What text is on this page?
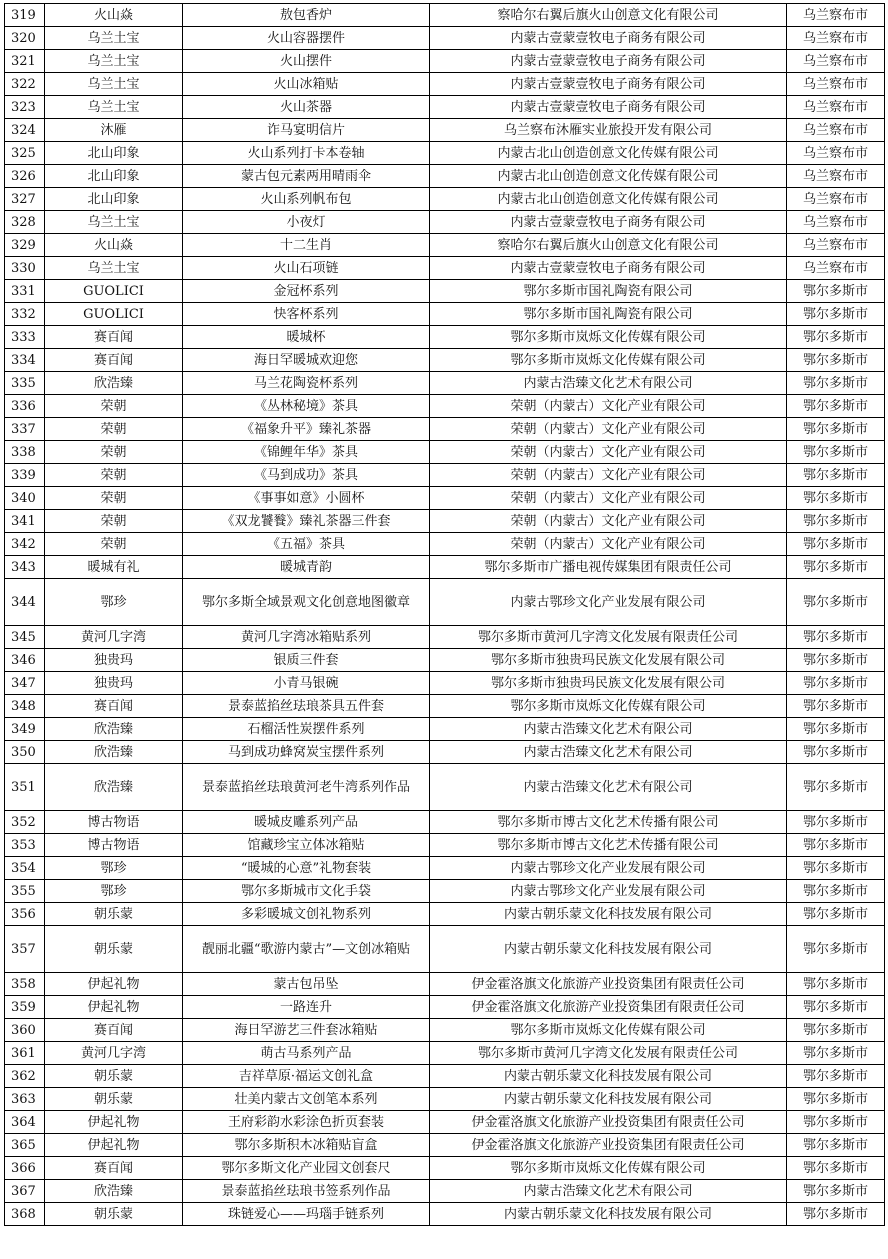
319	火山焱	敖包香炉	察哈尔右翼后旗火山创意文化有限公司	乌兰察布市
320	乌兰土宝	火山容器摆件	内蒙古壹蒙壹牧电子商务有限公司	乌兰察布市
321	乌兰土宝	火山摆件	内蒙古壹蒙壹牧电子商务有限公司	乌兰察布市
322	乌兰土宝	火山冰箱贴	内蒙古壹蒙壹牧电子商务有限公司	乌兰察布市
323	乌兰土宝	火山茶器	内蒙古壹蒙壹牧电子商务有限公司	乌兰察布市
324	沐雁	诈马宴明信片	乌兰察布沐雁实业旅投开发有限公司	乌兰察布市
325	北山印象	火山系列打卡本卷轴	内蒙古北山创造创意文化传媒有限公司	乌兰察布市
326	北山印象	蒙古包元素两用晴雨伞	内蒙古北山创造创意文化传媒有限公司	乌兰察布市
327	北山印象	火山系列帆布包	内蒙古北山创造创意文化传媒有限公司	乌兰察布市
328	乌兰土宝	小夜灯	内蒙古壹蒙壹牧电子商务有限公司	乌兰察布市
329	火山焱	十二生肖	察哈尔右翼后旗火山创意文化有限公司	乌兰察布市
330	乌兰土宝	火山石项链	内蒙古壹蒙壹牧电子商务有限公司	乌兰察布市
331	GUOLICI	金冠杯系列	鄂尔多斯市国礼陶瓷有限公司	鄂尔多斯市
332	GUOLICI	快客杯系列	鄂尔多斯市国礼陶瓷有限公司	鄂尔多斯市
333	赛百闻	暖城杯	鄂尔多斯市岚烁文化传媒有限公司	鄂尔多斯市
334	赛百闻	海日罕暖城欢迎您	鄂尔多斯市岚烁文化传媒有限公司	鄂尔多斯市
335	欣浩臻	马兰花陶瓷杯系列	内蒙古浩臻文化艺术有限公司	鄂尔多斯市
336	荣朝	《丛林秘境》茶具	荣朝（内蒙古）文化产业有限公司	鄂尔多斯市
337	荣朝	《福象升平》臻礼茶器	荣朝（内蒙古）文化产业有限公司	鄂尔多斯市
338	荣朝	《锦鲤年华》茶具	荣朝（内蒙古）文化产业有限公司	鄂尔多斯市
339	荣朝	《马到成功》茶具	荣朝（内蒙古）文化产业有限公司	鄂尔多斯市
340	荣朝	《事事如意》小圆杯	荣朝（内蒙古）文化产业有限公司	鄂尔多斯市
341	荣朝	《双龙饕餮》臻礼茶器三件套	荣朝（内蒙古）文化产业有限公司	鄂尔多斯市
342	荣朝	《五福》茶具	荣朝（内蒙古）文化产业有限公司	鄂尔多斯市
343	暖城有礼	暖城青韵	鄂尔多斯市广播电视传媒集团有限责任公司	鄂尔多斯市
344	鄂珍	鄂尔多斯全域景观文化创意地图徽章	内蒙古鄂珍文化产业发展有限公司	鄂尔多斯市
345	黄河几字湾	黄河几字湾冰箱贴系列	鄂尔多斯市黄河几字湾文化发展有限责任公司	鄂尔多斯市
346	独贵玛	银质三件套	鄂尔多斯市独贵玛民族文化发展有限公司	鄂尔多斯市
347	独贵玛	小青马银碗	鄂尔多斯市独贵玛民族文化发展有限公司	鄂尔多斯市
348	赛百闻	景泰蓝掐丝珐琅茶具五件套	鄂尔多斯市岚烁文化传媒有限公司	鄂尔多斯市
349	欣浩臻	石榴活性炭摆件系列	内蒙古浩臻文化艺术有限公司	鄂尔多斯市
350	欣浩臻	马到成功蜂窝炭宝摆件系列	内蒙古浩臻文化艺术有限公司	鄂尔多斯市
351	欣浩臻	景泰蓝掐丝珐琅黄河老牛湾系列作品	内蒙古浩臻文化艺术有限公司	鄂尔多斯市
352	博古物语	暖城皮雕系列产品	鄂尔多斯市博古文化艺术传播有限公司	鄂尔多斯市
353	博古物语	馆藏珍宝立体冰箱贴	鄂尔多斯市博古文化艺术传播有限公司	鄂尔多斯市
354	鄂珍	“暖城的心意”礼物套装	内蒙古鄂珍文化产业发展有限公司	鄂尔多斯市
355	鄂珍	鄂尔多斯城市文化手袋	内蒙古鄂珍文化产业发展有限公司	鄂尔多斯市
356	朝乐蒙	多彩暖城文创礼物系列	内蒙古朝乐蒙文化科技发展有限公司	鄂尔多斯市
357	朝乐蒙	靓丽北疆“歌游内蒙古”—文创冰箱贴	内蒙古朝乐蒙文化科技发展有限公司	鄂尔多斯市
358	伊起礼物	蒙古包吊坠	伊金霍洛旗文化旅游产业投资集团有限责任公司	鄂尔多斯市
359	伊起礼物	一路连升	伊金霍洛旗文化旅游产业投资集团有限责任公司	鄂尔多斯市
360	赛百闻	海日罕游艺三件套冰箱贴	鄂尔多斯市岚烁文化传媒有限公司	鄂尔多斯市
361	黄河几字湾	萌古马系列产品	鄂尔多斯市黄河几字湾文化发展有限责任公司	鄂尔多斯市
362	朝乐蒙	吉祥草原·福运文创礼盒	内蒙古朝乐蒙文化科技发展有限公司	鄂尔多斯市
363	朝乐蒙	壮美内蒙古文创笔本系列	内蒙古朝乐蒙文化科技发展有限公司	鄂尔多斯市
364	伊起礼物	王府彩韵水彩涂色折页套装	伊金霍洛旗文化旅游产业投资集团有限责任公司	鄂尔多斯市
365	伊起礼物	鄂尔多斯积木冰箱贴盲盒	伊金霍洛旗文化旅游产业投资集团有限责任公司	鄂尔多斯市
366	赛百闻	鄂尔多斯文化产业园文创套尺	鄂尔多斯市岚烁文化传媒有限公司	鄂尔多斯市
367	欣浩臻	景泰蓝掐丝珐琅书签系列作品	内蒙古浩臻文化艺术有限公司	鄂尔多斯市
368	朝乐蒙	珠链爱心——玛瑙手链系列	内蒙古朝乐蒙文化科技发展有限公司	鄂尔多斯市
